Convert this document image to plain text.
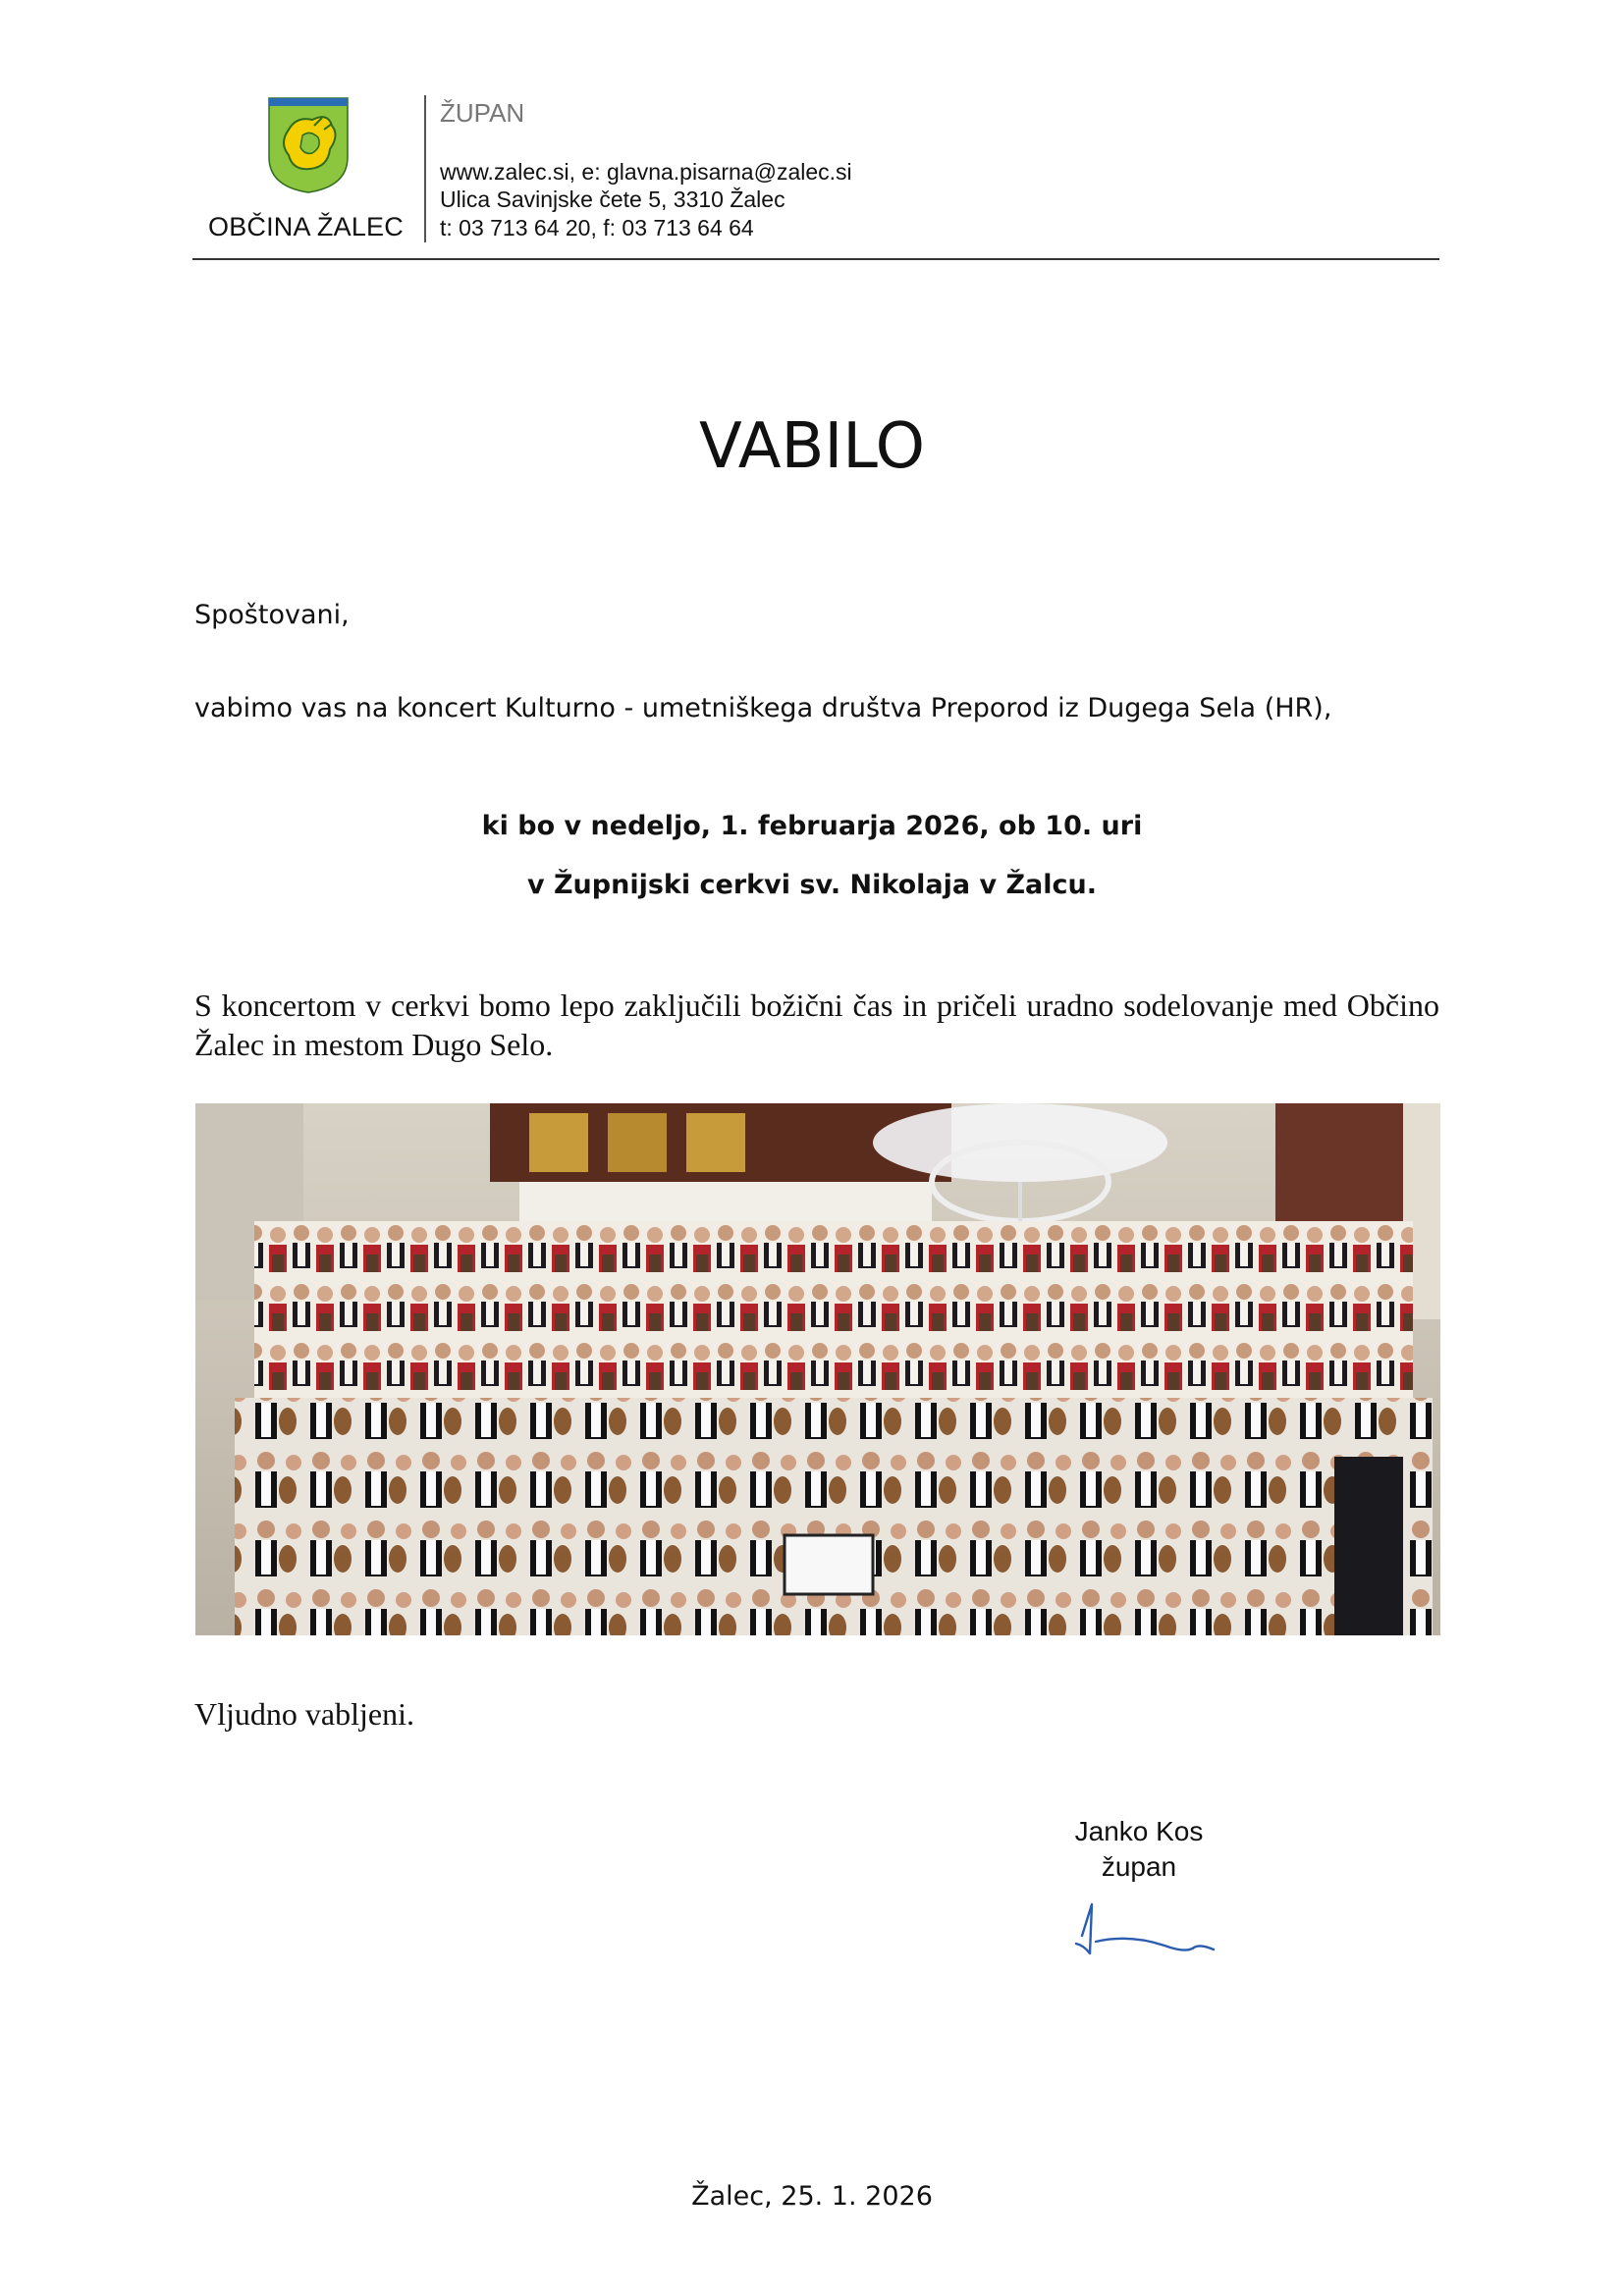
OBČINA ŽALEC
ŽUPAN
www.zalec.si, e: glavna.pisarna@zalec.si
Ulica Savinjske čete 5, 3310 Žalec
t: 03 713 64 20, f: 03 713 64 64
VABILO
Spoštovani,
vabimo vas na koncert Kulturno - umetniškega društva Preporod iz Dugega Sela (HR),
ki bo v nedeljo, 1. februarja 2026, ob 10. uri
v Župnijski cerkvi sv. Nikolaja v Žalcu.
S koncertom v cerkvi bomo lepo zaključili božični čas in pričeli uradno sodelovanje med Občino Žalec in mestom Dugo Selo.
Vljudno vabljeni.
Janko Kos
župan
Žalec, 25. 1. 2026
